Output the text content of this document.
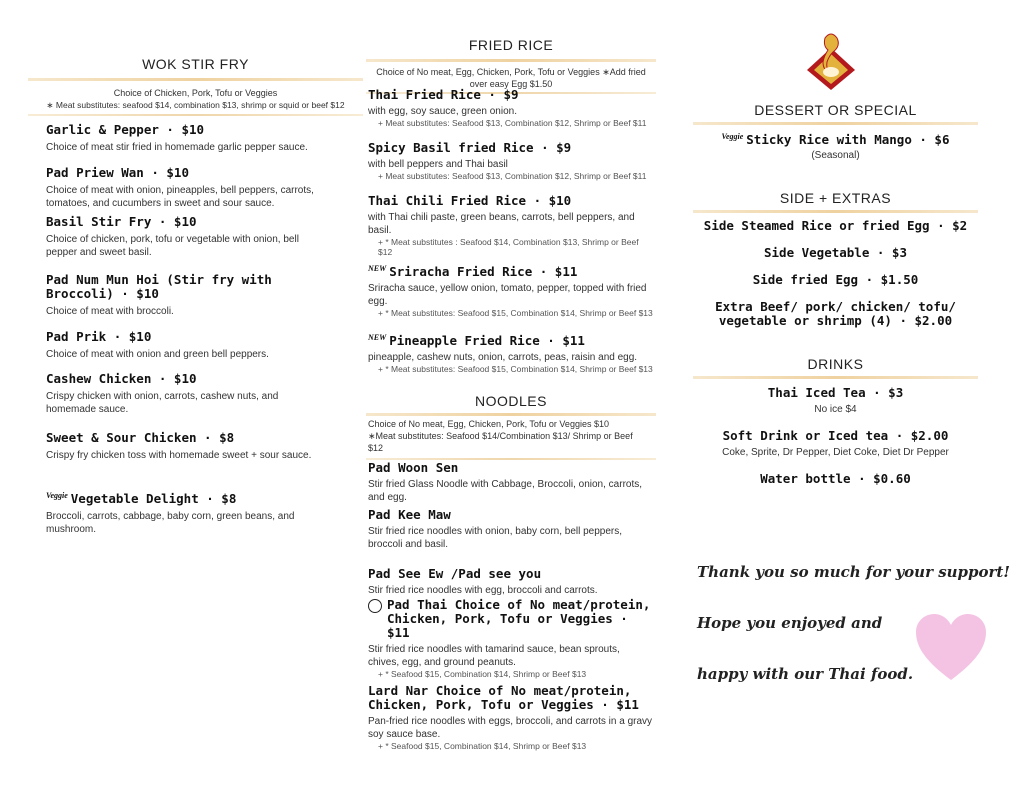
WOK STIR FRY
Choice of Chicken, Pork, Tofu or Veggies
∗ Meat substitutes: seafood $14, combination $13, shrimp or squid or beef $12
Garlic & Pepper · $10
Choice of meat stir fried in homemade garlic pepper sauce.
Pad Priew Wan · $10
Choice of meat with onion, pineapples, bell peppers, carrots, tomatoes, and cucumbers in sweet and sour sauce.
Basil Stir Fry · $10
Choice of chicken, pork, tofu or vegetable with onion, bell pepper and sweet basil.
Pad Num Mun Hoi (Stir fry with Broccoli) · $10
Choice of meat with broccoli.
Pad Prik · $10
Choice of meat with onion and green bell peppers.
Cashew Chicken · $10
Crispy chicken with onion, carrots, cashew nuts, and homemade sauce.
Sweet & Sour Chicken · $8
Crispy fry chicken toss with homemade sweet + sour sauce.
$^{Veggie}$ Vegetable Delight · $8
Broccoli, carrots, cabbage, baby corn, green beans, and mushroom.
FRIED RICE
Choice of No meat, Egg, Chicken, Pork, Tofu or Veggies ∗Add fried over easy Egg $1.50
Thai Fried Rice · $9
with egg, soy sauce, green onion.
+ Meat substitutes: Seafood $13, Combination $12, Shrimp or Beef $11
Spicy Basil fried Rice · $9
with bell peppers and Thai basil
+ Meat substitutes: Seafood $13, Combination $12, Shrimp or Beef $11
Thai Chili Fried Rice · $10
with Thai chili paste, green beans, carrots, bell peppers, and basil.
+ * Meat substitutes : Seafood $14, Combination $13, Shrimp or Beef $12
$^{NEW}$ Sriracha Fried Rice · $11
Sriracha sauce, yellow onion, tomato, pepper, topped with fried egg.
+ * Meat substitutes: Seafood $15, Combination $14, Shrimp or Beef $13
$^{NEW}$ Pineapple Fried Rice · $11
pineapple, cashew nuts, onion, carrots, peas, raisin and egg.
+ * Meat substitutes: Seafood $15, Combination $14, Shrimp or Beef $13
NOODLES
Choice of No meat, Egg, Chicken, Pork, Tofu or Veggies $10
∗Meat substitutes: Seafood $14/Combination $13/ Shrimp or Beef $12
Pad Woon Sen
Stir fried Glass Noodle with Cabbage, Broccoli, onion, carrots, and egg.
Pad Kee Maw
Stir fried rice noodles with onion, baby corn, bell peppers, broccoli and basil.
Pad See Ew /Pad see you
Stir fried rice noodles with egg, broccoli and carrots.
Pad Thai Choice of No meat/protein, Chicken, Pork, Tofu or Veggies · $11
Stir fried rice noodles with tamarind sauce, bean sprouts, chives, egg, and ground peanuts.
+ * Seafood $15, Combination $14, Shrimp or Beef $13
Lard Nar Choice of No meat/protein, Chicken, Pork, Tofu or Veggies · $11
Pan-fried rice noodles with eggs, broccoli, and carrots in a gravy soy sauce base.
+ * Seafood $15, Combination $14, Shrimp or Beef $13
DESSERT OR SPECIAL
$^{Veggie}$ Sticky Rice with Mango · $6
(Seasonal)
SIDE + EXTRAS
Side Steamed Rice or fried Egg · $2
Side Vegetable · $3
Side fried Egg · $1.50
Extra Beef/ pork/ chicken/ tofu/ vegetable or shrimp (4) · $2.00
DRINKS
Thai Iced Tea · $3
No ice $4
Soft Drink or Iced tea · $2.00
Coke, Sprite, Dr Pepper, Diet Coke, Diet Dr Pepper
Water bottle · $0.60
Thank you so much for your support!
Hope you enjoyed and
happy with our Thai food.
